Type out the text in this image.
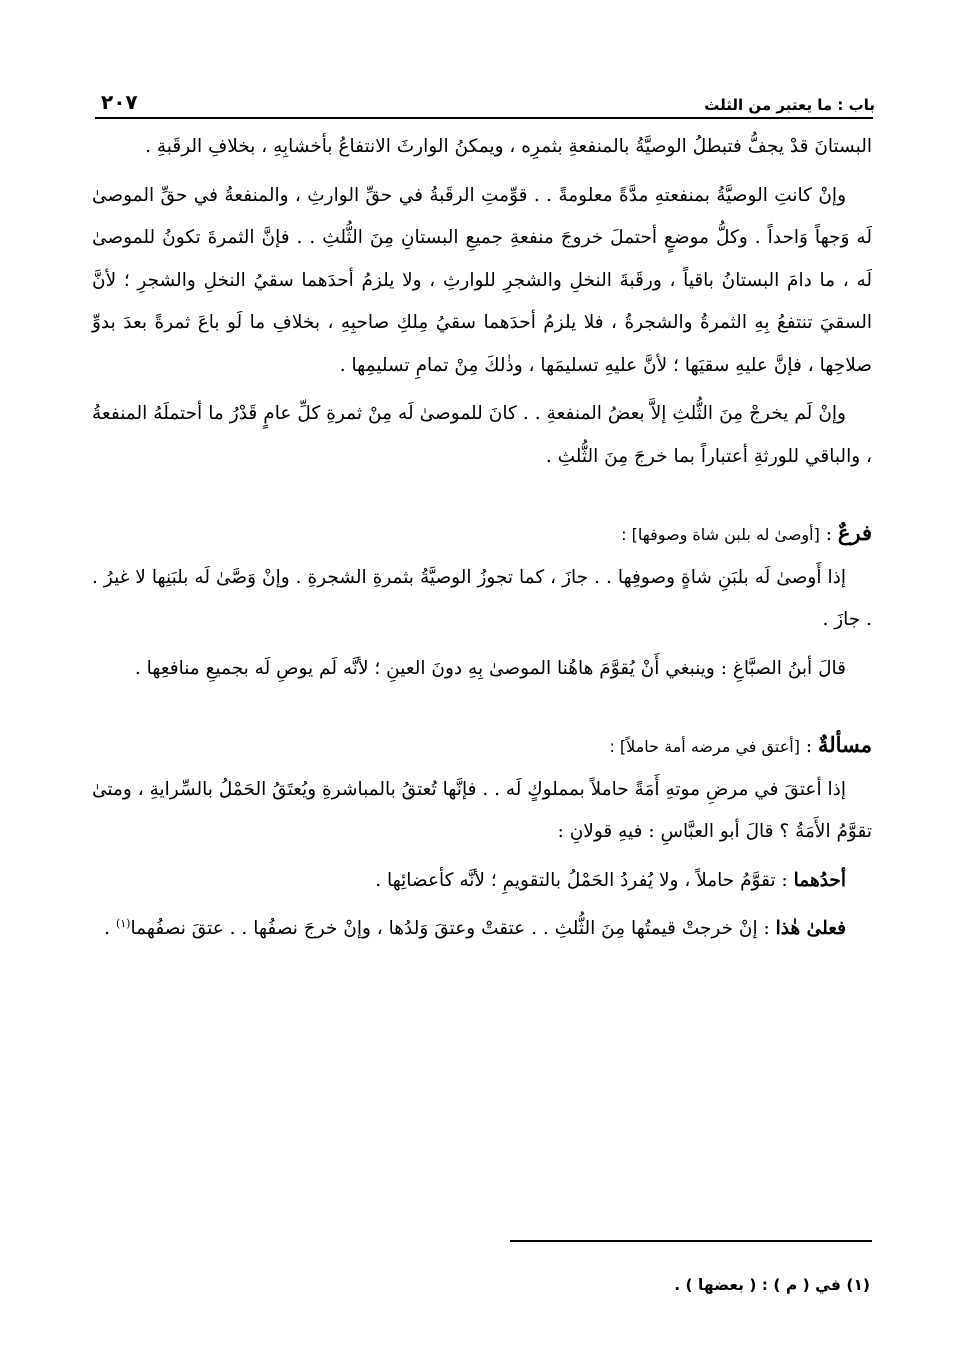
باب : ما يعتبر من الثلث
٢٠٧

البستانَ قدْ يجفُّ فتبطلُ الوصيَّةُ بالمنفعةِ بثمرِه ، ويمكنُ الوارثَ الانتفاعُ بأخشابِهِ ، بخلافِ الرقَبةِ .

وإنْ كانتِ الوصيَّةُ بمنفعتهِ مدَّةً معلومةً . . قوِّمتِ الرقَبةُ في حقِّ الوارثِ ، والمنفعةُ في حقِّ الموصىٰ لَه وَجهاً وَاحداً . وكلُّ موضعٍ أحتملَ خروجَ منفعةِ جميعِ البستانِ مِنَ الثُّلثِ . . فإنَّ الثمرةَ تكونُ للموصىٰ لَه ، ما دامَ البستانُ باقياً ، ورقَبةَ النخلِ والشجرِ للوارثِ ، ولا يلزمُ أحدَهما سقيُ النخلِ والشجرِ ؛ لأنَّ السقيَ تنتفعُ بِهِ الثمرةُ والشجرةُ ، فلا يلزمُ أحدَهما سقيُ مِلكِ صاحبِهِ ، بخلافِ ما لَو باعَ ثمرةً بعدَ بدوِّ صلاحِها ، فإنَّ عليهِ سقيَها ؛ لأنَّ عليهِ تسليمَها ، وذٰلكَ مِنْ تمامِ تسليمِها .

وإنْ لَم يخرجْ مِنَ الثُّلثِ إلاَّ بعضُ المنفعةِ . . كانَ للموصىٰ لَه مِنْ ثمرةِ كلِّ عامٍ قَدْرُ ما أحتملَهُ المنفعةُ ، والباقي للورثةِ أعتباراً بما خرجَ مِنَ الثُّلثِ .

فرعٌ : [أوصىٰ له بلبن شاة وصوفها] :

إذا أَوصىٰ لَه بلبَنِ شاةٍ وصوفِها . . جازَ ، كما تجوزُ الوصيَّةُ بثمرةِ الشجرةِ . وإنْ وَصَّىٰ لَه بلبَنِها لا غيرُ . . جازَ .

قالَ أبنُ الصبَّاغِ : وينبغي أَنْ يُقوَّمَ هاهُنا الموصىٰ بِهِ دونَ العينِ ؛ لأنَّه لَم يوصِ لَه بجميعِ منافعِها .

مسألةٌ : [أعتق في مرضه أمة حاملاً] :

إذا أعتقَ في مرضِ موتهِ أَمَةً حاملاً بمملوكٍ لَه . . فإنَّها تُعتقُ بالمباشرةِ ويُعتَقُ الحَمْلُ بالسِّرايةِ ، ومتىٰ تقوَّمُ الأَمَةُ ؟ قالَ أبو العبَّاسِ : فيهِ قولانِ :

أحدُهما : تقوَّمُ حاملاً ، ولا يُفردُ الحَمْلُ بالتقويمِ ؛ لأنَّه كأعضائِها .

فعلىٰ هٰذا : إنْ خرجتْ قيمتُها مِنَ الثُّلثِ . . عتقتْ وعتقَ وَلدُها ، وإنْ خرجَ نصفُها . . عتقَ نصفُهما$^{(١)}$ .

(١) في ( م ) : ( بعضها ) .
